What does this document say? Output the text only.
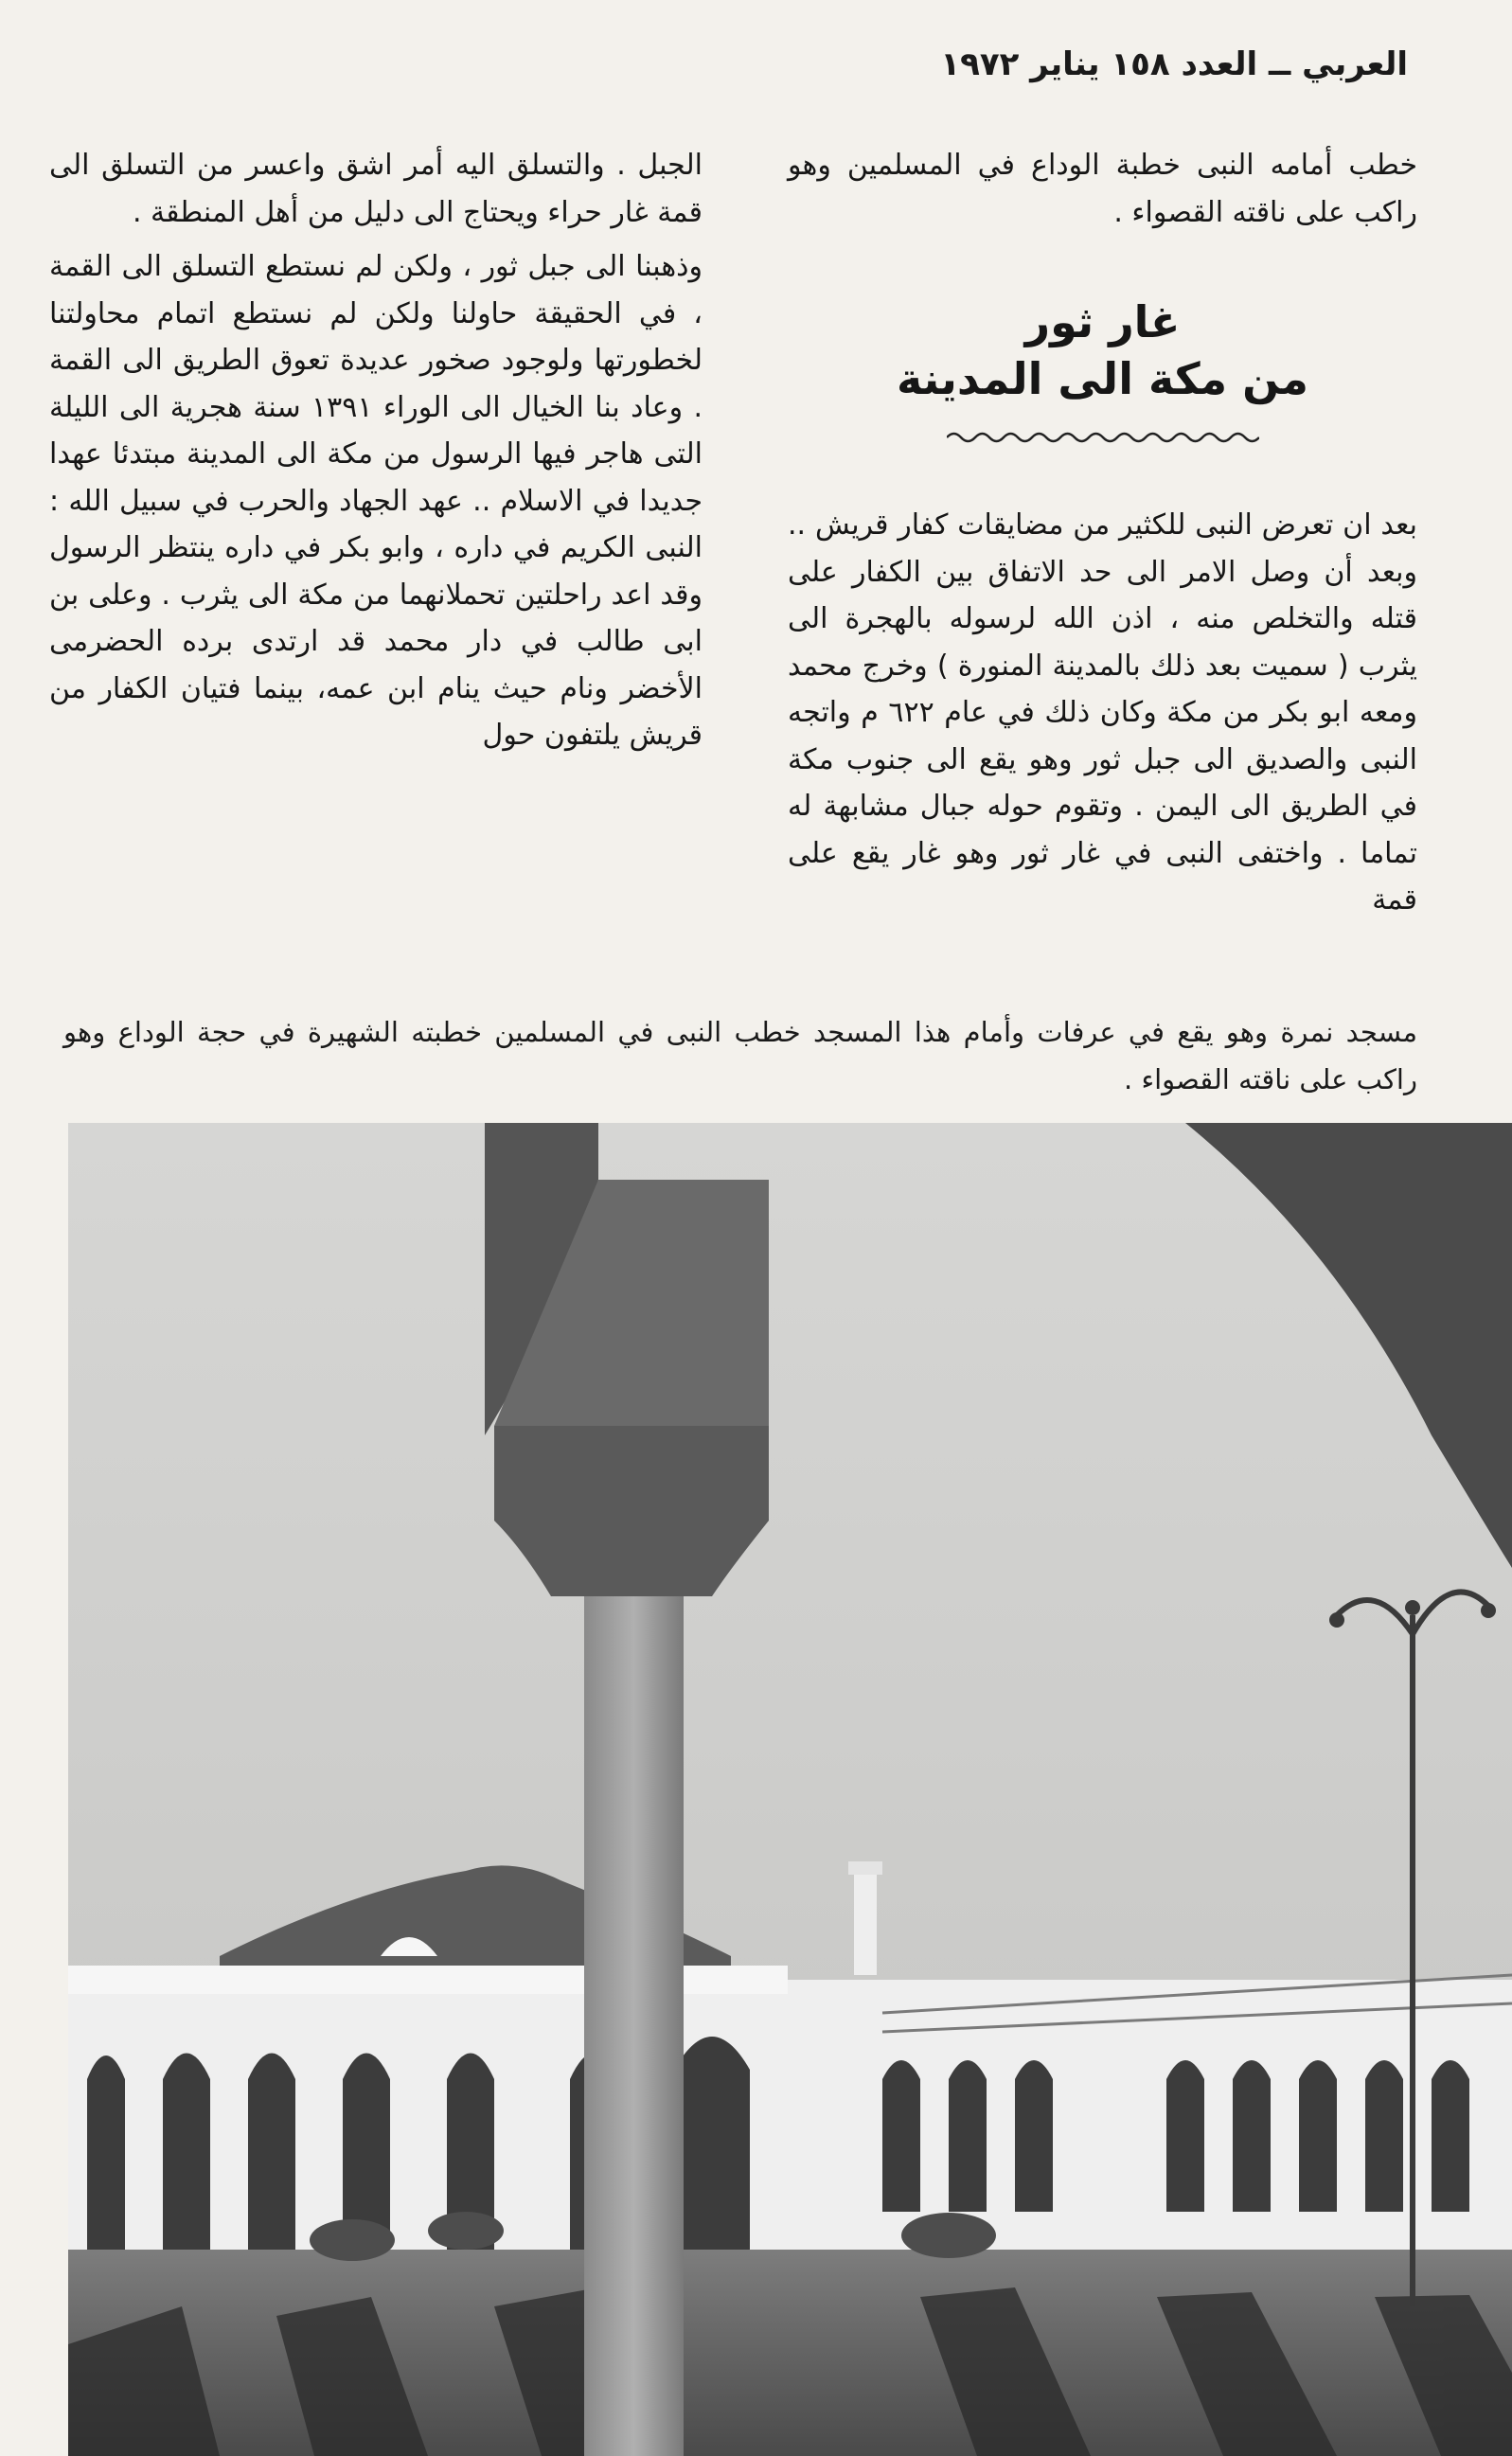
العربي ــ العدد ١٥٨ يناير ١٩٧٢

خطب أمامه النبى خطبة الوداع في المسلمين وهو راكب على ناقته القصواء .

غار ثور
من مكة الى المدينة

بعد ان تعرض النبى للكثير من مضايقات كفار قريش .. وبعد أن وصل الامر الى حد الاتفاق بين الكفار على قتله والتخلص منه ، اذن الله لرسوله بالهجرة الى يثرب ( سميت بعد ذلك بالمدينة المنورة ) وخرج محمد ومعه ابو بكر من مكة وكان ذلك في عام ٦٢٢ م واتجه النبى والصديق الى جبل ثور وهو يقع الى جنوب مكة في الطريق الى اليمن . وتقوم حوله جبال مشابهة له تماما . واختفى النبى في غار ثور وهو غار يقع على قمة

الجبل . والتسلق اليه أمر اشق واعسر من التسلق الى قمة غار حراء ويحتاج الى دليل من أهل المنطقة .

وذهبنا الى جبل ثور ، ولكن لم نستطع التسلق الى القمة ، في الحقيقة حاولنا ولكن لم نستطع اتمام محاولتنا لخطورتها ولوجود صخور عديدة تعوق الطريق الى القمة . وعاد بنا الخيال الى الوراء ١٣٩١ سنة هجرية الى الليلة التى هاجر فيها الرسول من مكة الى المدينة مبتدئا عهدا جديدا في الاسلام .. عهد الجهاد والحرب في سبيل الله : النبى الكريم في داره ، وابو بكر في داره ينتظر الرسول وقد اعد راحلتين تحملانهما من مكة الى يثرب . وعلى بن ابى طالب في دار محمد قد ارتدى برده الحضرمى الأخضر ونام حيث ينام ابن عمه، بينما فتيان الكفار من قريش يلتفون حول

مسجد نمرة وهو يقع في عرفات وأمام هذا المسجد خطب النبى في المسلمين خطبته الشهيرة في حجة الوداع وهو راكب على ناقته القصواء .
